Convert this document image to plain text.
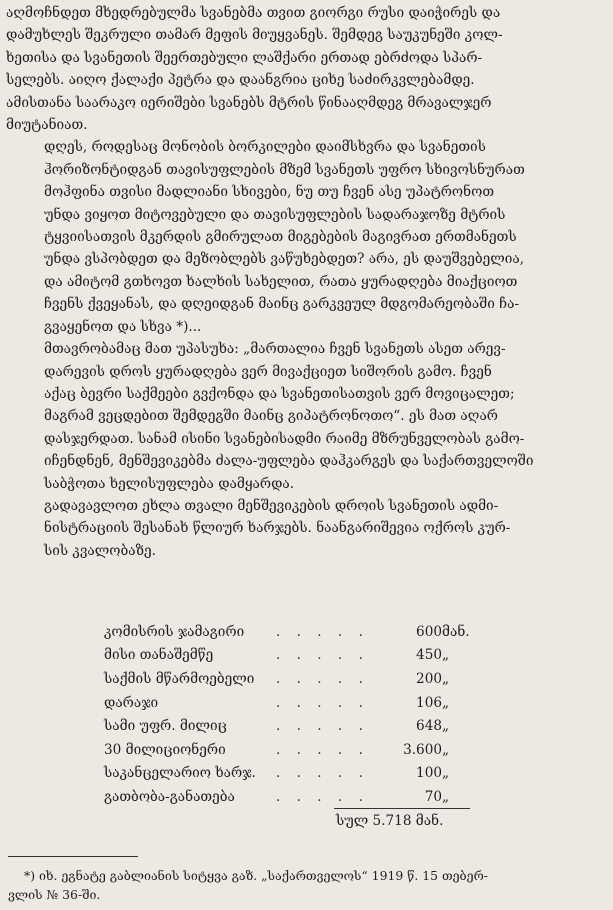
აღმოჩნდეთ მხედრებულმა სვანებმა თვით გიორგი რუსი დაიჭირეს და
დამუხლეს შეკრული თამარ მეფის მიუყვანეს. შემდეგ საუკუნეში კოლ-
ხეთისა და სვანეთის შეერთებული ლაშქარი ერთად ებრძოდა სპარ-
სელებს. აიღო ქალაქი პეტრა და დაანგრია ციხე საძირკვლებამდე.
ამისთანა საარაკო იერიშები სვანებს მტრის წინააღმდეგ მრავალჯერ
მიუტანიათ.

დღეს, როდესაც მონობის ბორკილები დაიმსხვრა და სვანეთის
ჰორიზონტიდგან თავისუფლების მზემ სვანეთს უფრო სხივოსნურათ
მოჰფინა თვისი მადლიანი სხივები, ნუ თუ ჩვენ ასე უპატრონოთ
უნდა ვიყოთ მიტოვებული და თავისუფლების სადარაჯოზე მტრის
ტყვიისათვის მკერდის გმირულათ მიგებების მაგივრათ ერთმანეთს
უნდა ვსპობდეთ და მეზობლებს ვაწუხებდეთ? არა, ეს დაუშვებელია,
და ამიტომ გთხოვთ ხალხის სახელით, რათა ყურადღება მიაქციოთ
ჩვენს ქვეყანას, და დღეიდგან მაინც გარკვეულ მდგომარეობაში ჩა-
გვაყენოთ და სხვა *)...

მთავრობამაც მათ უპასუხა: „მართალია ჩვენ სვანეთს ასეთ არევ-
დარევის დროს ყურადღება ვერ მივაქციეთ სიშორის გამო. ჩვენ
აქაც ბევრი საქმეები გვქონდა და სვანეთისათვის ვერ მოვიცალეთ;
მაგრამ ვეცდებით შემდეგში მაინც გიპატრონოთო“. ეს მათ აღარ
დასჯერდათ. სანამ ისინი სვანებისადმი რაიმე მზრუნველობას გამო-
იჩენდნენ, მენშევიკებმა ძალა-უფლება დაჰკარგეს და საქართველოში
საბჭოთა ხელისუფლება დამყარდა.

გადავავლოთ ეხლა თვალი მენშევიკების დროის სვანეთის ადმი-
ნისტრაციის შესანახ წლიურ ხარჯებს. ნაანგარიშევია ოქროს კურ-
სის კვალობაზე.

კომისრის ჯამაგირი	. . . . .	600	მან.
მისი თანაშემწე	. . . . .	450	„
საქმის მწარმოებელი	. . . . .	200	„
დარაჯი	. . . . .	106	„
სამი უფრ. მილიც	. . . . .	648	„
30 მილიციონერი	. . . . .	3.600	„
საკანცელარიო ხარჯ.	. . . . .	100	„
გათბობა-განათება	. . . . .	70	„
სულ 5.718 მან.
*) იხ. ეგნატე გაბლიანის სიტყვა გაზ. „საქართველოს“ 1919 წ. 15 თებერ-
ვლის № 36-ში.
